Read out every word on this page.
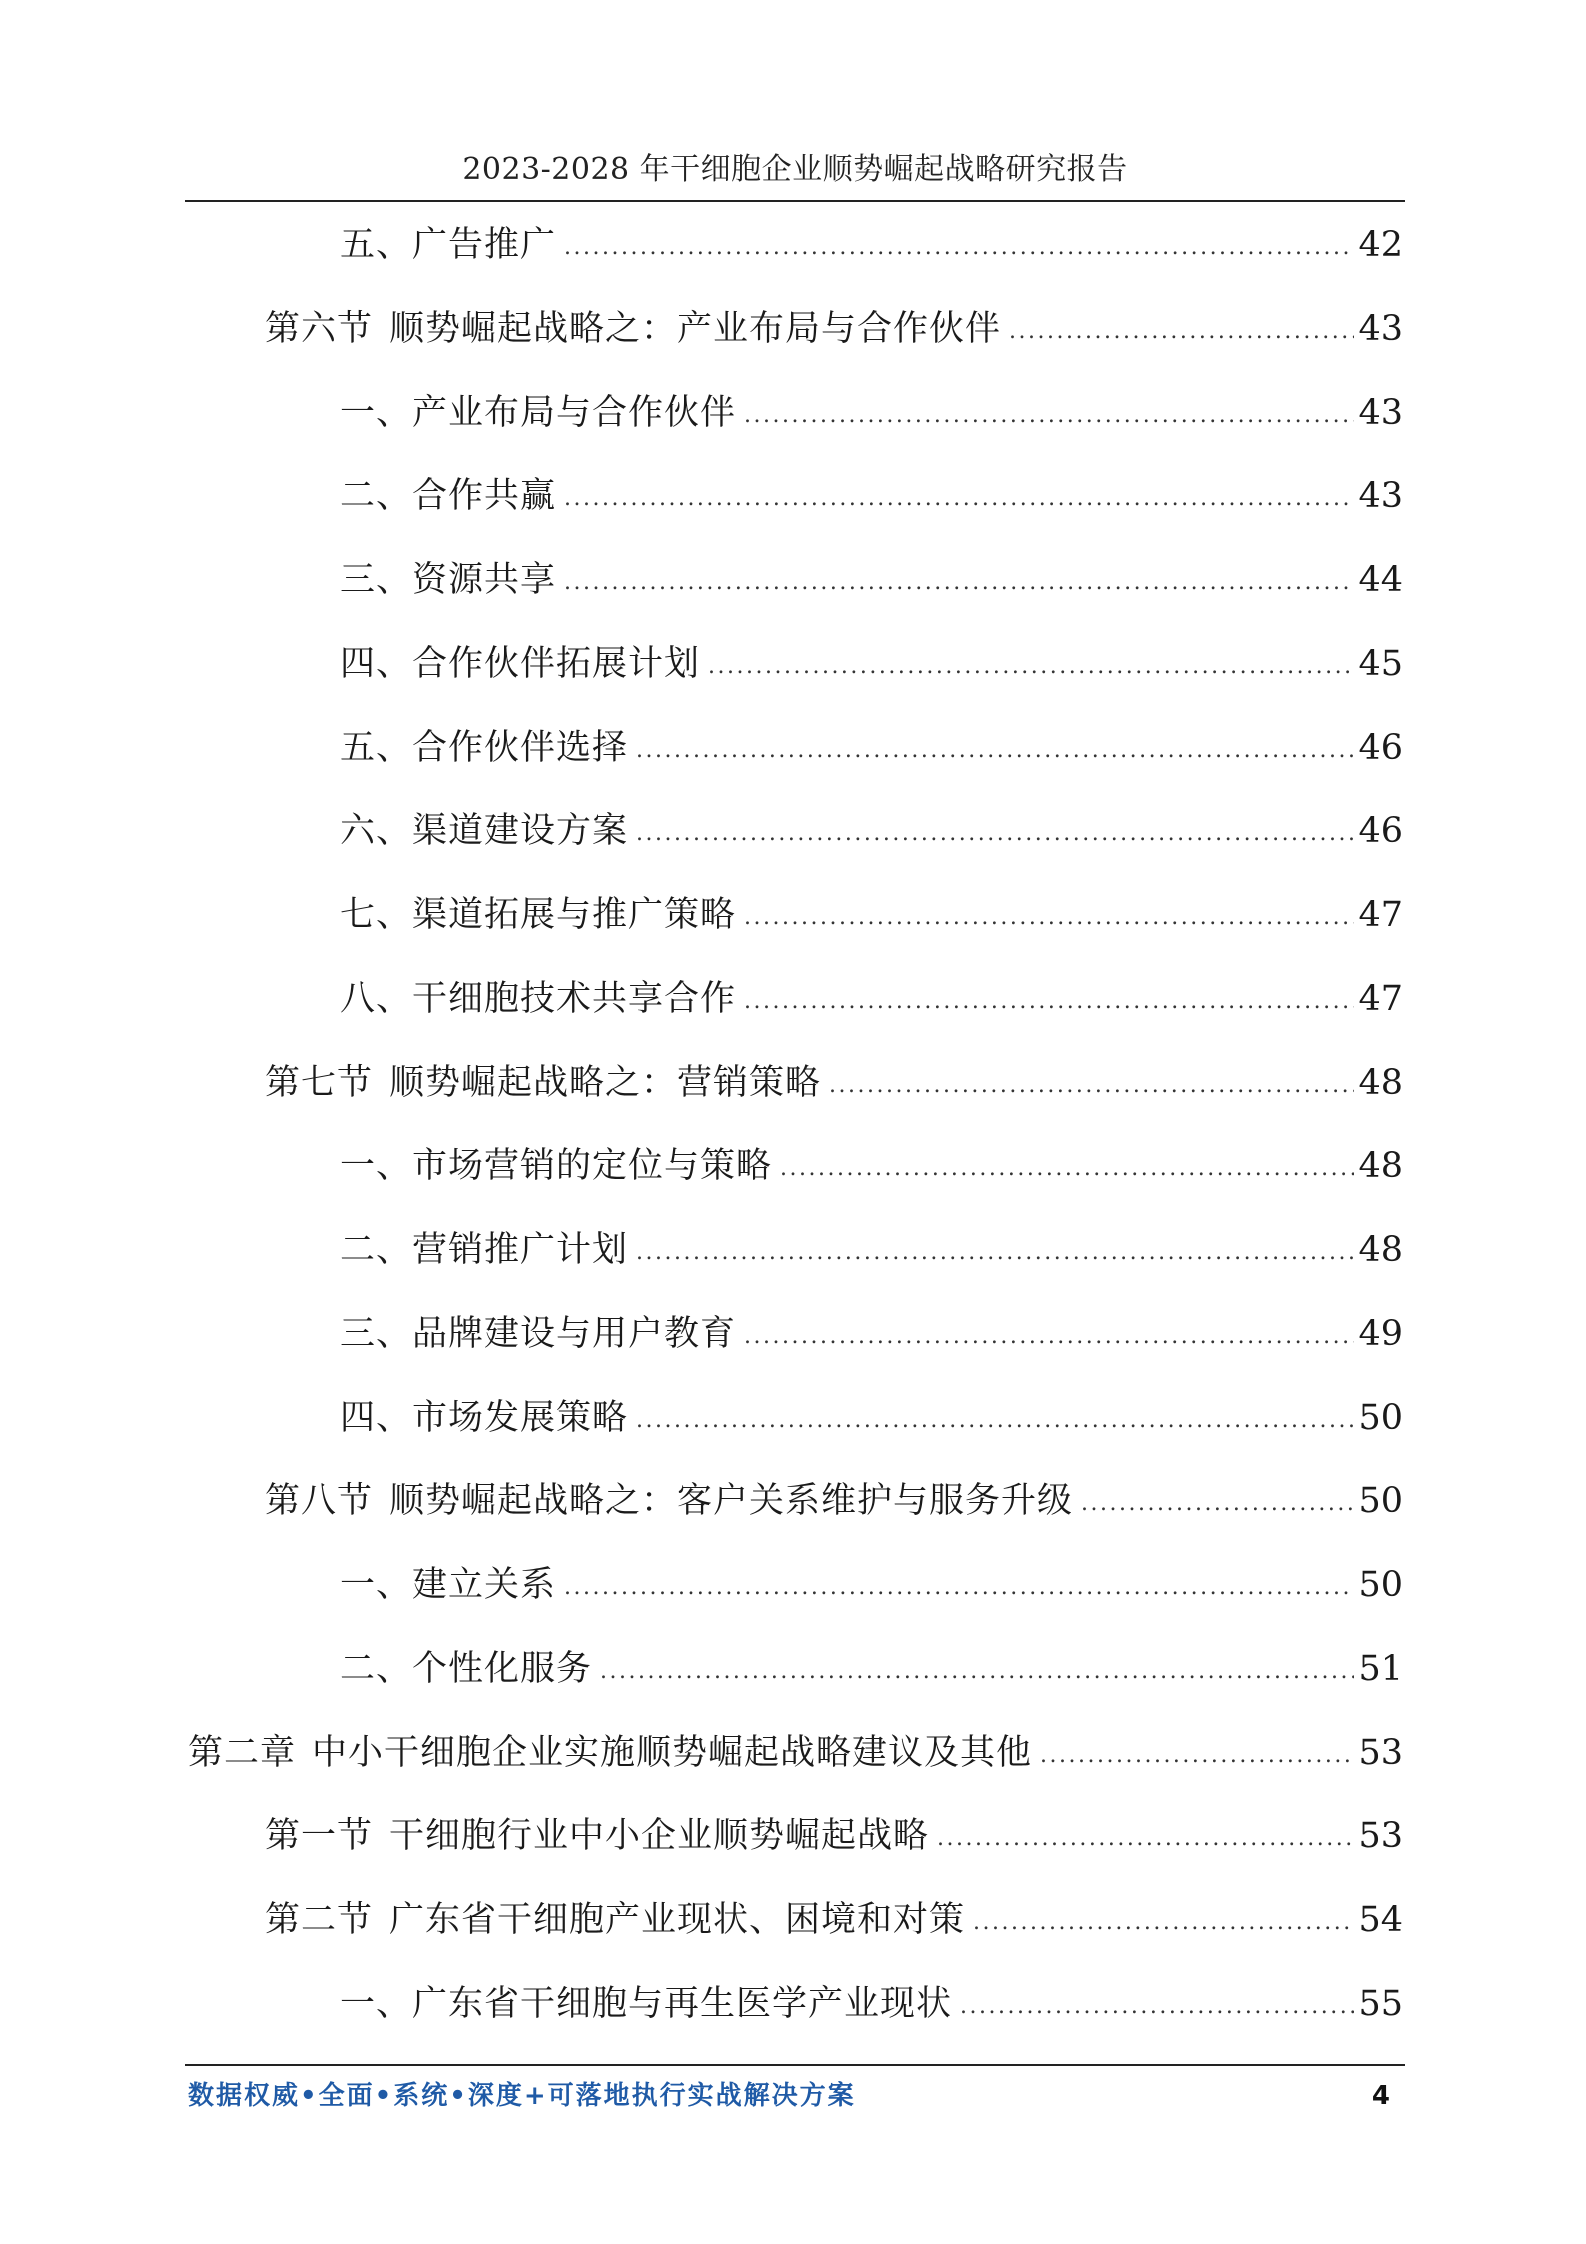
2023-2028 年干细胞企业顺势崛起战略研究报告
五、广告推广 .....	42
第六节 顺势崛起战略之：产业布局与合作伙伴 .....	43
一、产业布局与合作伙伴 .....	43
二、合作共赢 .....	43
三、资源共享 .....	44
四、合作伙伴拓展计划 .....	45
五、合作伙伴选择 .....	46
六、渠道建设方案 .....	46
七、渠道拓展与推广策略 .....	47
八、干细胞技术共享合作 .....	47
第七节 顺势崛起战略之：营销策略 .....	48
一、市场营销的定位与策略 .....	48
二、营销推广计划 .....	48
三、品牌建设与用户教育 .....	49
四、市场发展策略 .....	50
第八节 顺势崛起战略之：客户关系维护与服务升级 .....	50
一、建立关系 .....	50
二、个性化服务 .....	51
第二章 中小干细胞企业实施顺势崛起战略建议及其他 .....	53
第一节 干细胞行业中小企业顺势崛起战略 .....	53
第二节 广东省干细胞产业现状、困境和对策 .....	54
一、广东省干细胞与再生医学产业现状 .....	55
数据权威•全面•系统•深度+可落地执行实战解决方案	4
